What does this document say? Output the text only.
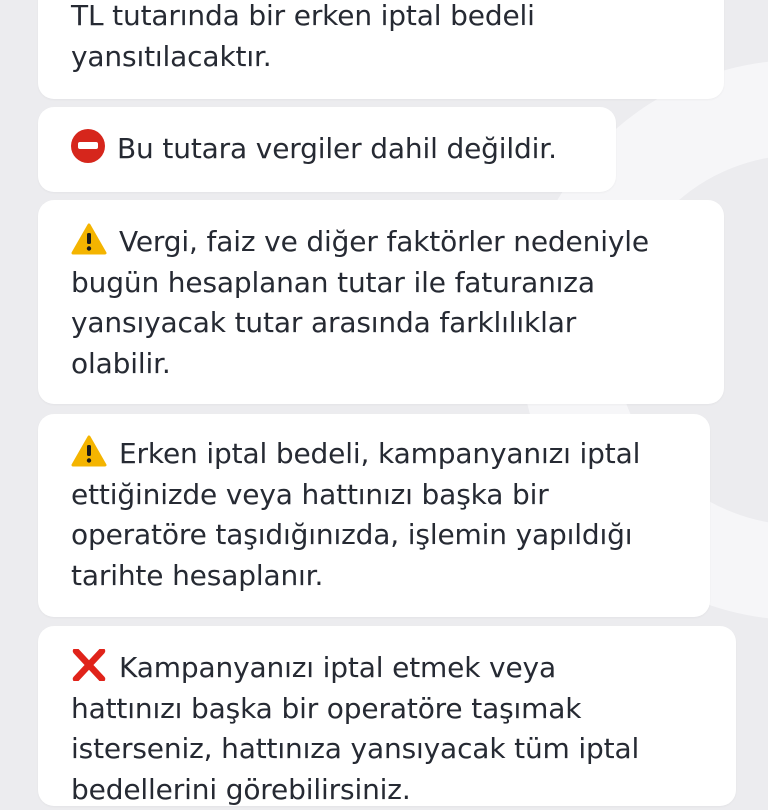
TL tutarında bir erken iptal bedeli
yansıtılacaktır.
Bu tutara vergiler dahil değildir.
Vergi, faiz ve diğer faktörler nedeniyle
bugün hesaplanan tutar ile faturanıza
yansıyacak tutar arasında farklılıklar
olabilir.
Erken iptal bedeli, kampanyanızı iptal
ettiğinizde veya hattınızı başka bir
operatöre taşıdığınızda, işlemin yapıldığı
tarihte hesaplanır.
Kampanyanızı iptal etmek veya
hattınızı başka bir operatöre taşımak
isterseniz, hattınıza yansıyacak tüm iptal
bedellerini görebilirsiniz.
